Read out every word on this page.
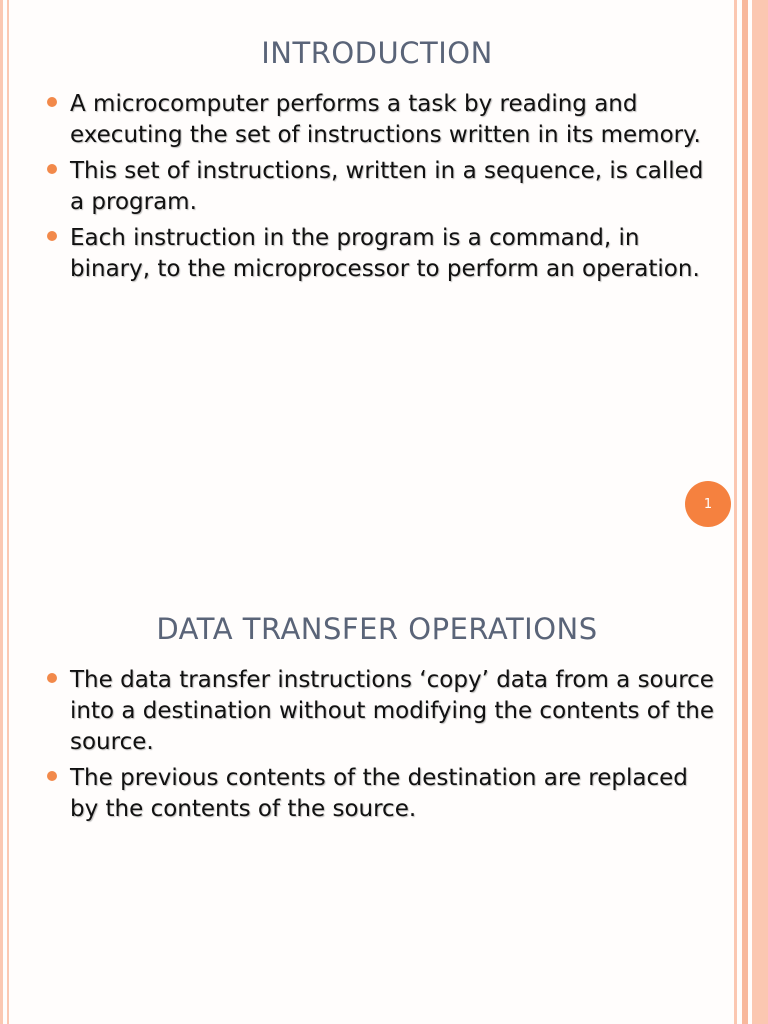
INTRODUCTION
A microcomputer performs a task by reading and executing the set of instructions written in its memory.
This set of instructions, written in a sequence, is called a program.
Each instruction in the program is a command, in binary, to the microprocessor to perform an operation.
1
DATA TRANSFER OPERATIONS
The data transfer instructions ‘copy’ data from a source into a destination without modifying the contents of the source.
The previous contents of the destination are replaced by the contents of the source.
